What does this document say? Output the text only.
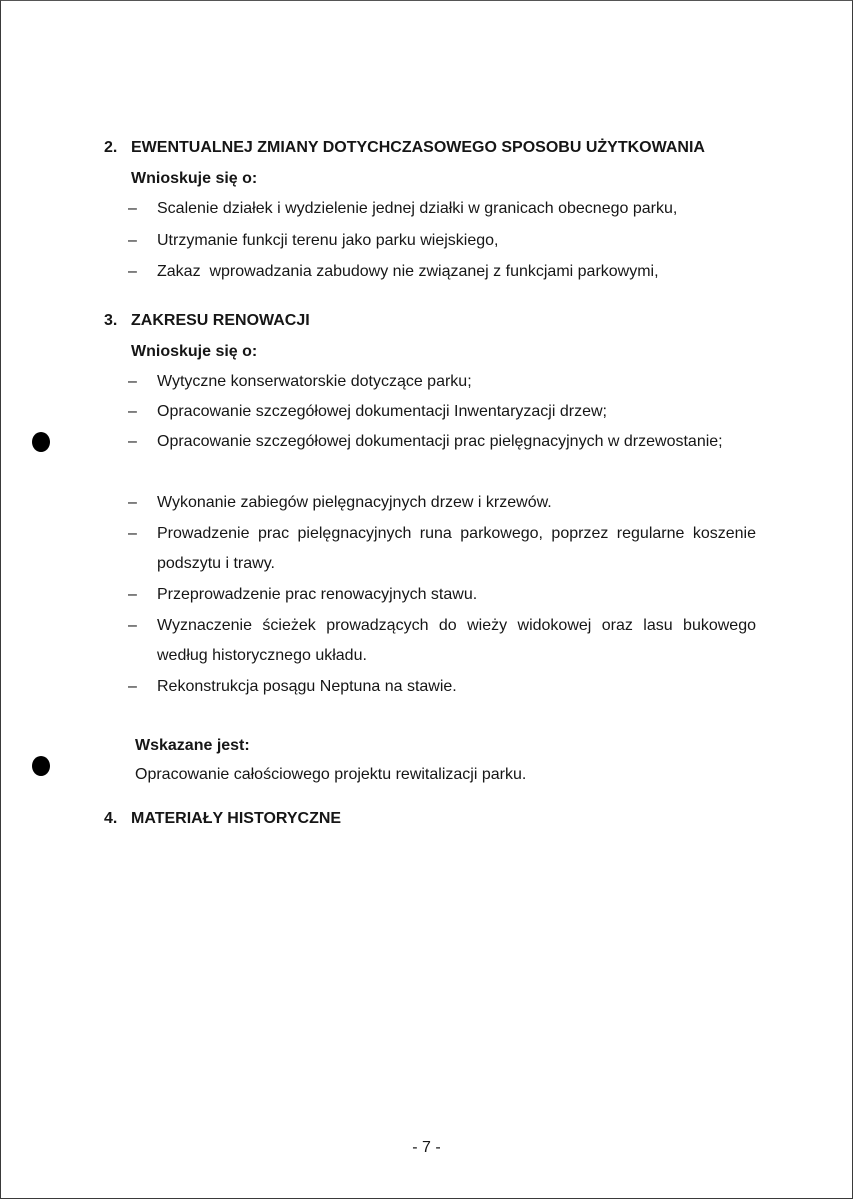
2. EWENTUALNEJ ZMIANY DOTYCHCZASOWEGO SPOSOBU UŻYTKOWANIA
Wnioskuje się o:
–	Scalenie działek i wydzielenie jednej działki w granicach obecnego parku,
–	Utrzymanie funkcji terenu jako parku wiejskiego,
–	Zakaz  wprowadzania zabudowy nie związanej z funkcjami parkowymi,
3. ZAKRESU RENOWACJI
Wnioskuje się o:
–	Wytyczne konserwatorskie dotyczące parku;
–	Opracowanie szczegółowej dokumentacji Inwentaryzacji drzew;
–	Opracowanie szczegółowej dokumentacji prac pielęgnacyjnych w drzewostanie;
–	Wykonanie zabiegów pielęgnacyjnych drzew i krzewów.
–	Prowadzenie prac pielęgnacyjnych runa parkowego, poprzez regularne koszenie podszytu i trawy.
–	Przeprowadzenie prac renowacyjnych stawu.
–	Wyznaczenie ścieżek prowadzących do wieży widokowej oraz lasu bukowego według historycznego układu.
–	Rekonstrukcja posągu Neptuna na stawie.
Wskazane jest:
Opracowanie całościowego projektu rewitalizacji parku.
4. MATERIAŁY HISTORYCZNE
- 7 -
